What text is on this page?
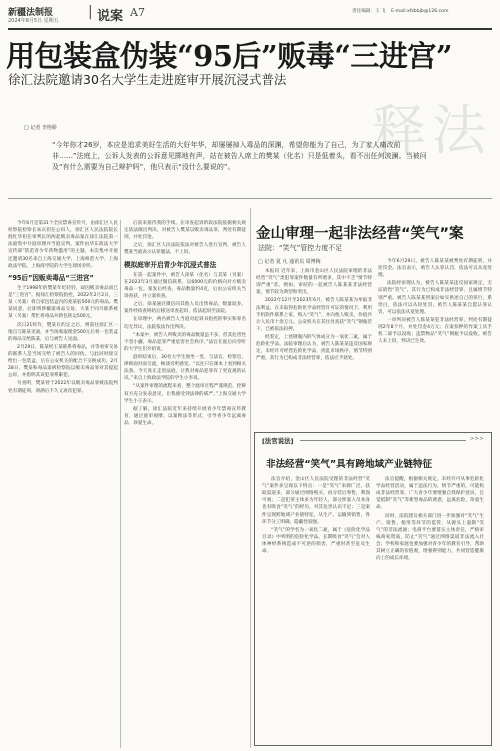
新疆法制报
2024年8月5日 星期五
| 说案 A7	责任编辑：王 飞 E-mail:xfzbbjb@126.com
用包装盒伪装“95后”贩毒“三进宫”
徐汇法院邀请30名大学生走进庭审开展沉浸式普法
释法
□ 记者 李艳娇
“今年你才26岁，本应是追求美好生活的大好年华，却屡屡掉入毒品的深渊，希望你能为了自己，为了家人痛改前非……”法庭上，公诉人发表的公诉意见掷地有声，站在被告人席上的樊某（化名）只是低着头，看不出任何波澜。当被问及“有什么需要为自己辩护吗”，他只表示“没什么要说的”。

今年6月是第31个全民禁毒宣传月，由徐汇区人民检察院检察长朱庆担任公诉人，徐汇区人民法院院长倪红华担任审判长的两起贩卖毒品案在徐汇法院第一法庭集中开庭审理并当庭宣判。案件由华东政法大学宣传部“防范青少年药物滥用”的主题，本次集中开庭还邀请30名来自上海交通大学、上海师范大学、上海政法学院、上海商学院的大学生现场旁听。

“95后”因贩卖毒品“三进宫”

生于1998年的樊某年纪轻轻，却因贩卖毒品而已是“三进宫”。据徐汇检察院指控，2022年2月2日，三某（另案）将自家包装盒内的麦某胶500元的毒品。樊某同意，后即将涉嫌案毒品交易，大某于同月联系被某（另案）帮忙将毒品并新包转运500元。

次日21时许，樊某在约定之后，则前往徐汇区一地点与陈某见面，并当场收取现金500元后将一包装盒的毒品交给陈某，后与被告人见面。

2月29日，陈某经王某联系将毒品，并等看审交易的联系人是当场交给了被告人的同伙，与此同时接交给出一包装盒，后在公安机关的配合下交换成功。2月28日，樊某和毒品案被检察院以贩卖毒品罪对其提起公诉，并指明其该犯罪系累犯。

另查明，樊某曾于2022年以贩卖毒品罪被法院判处有期徒刑，刑满后不久又再次犯罪。

后前来接待我的手续。在审查起诉阶段法院依据相关规定依法做出判决，对被告人樊某以贩卖毒品罪，判处有期徒刑，并处罚金。

之后，徐汇区人民法院依法对被告人进行宣判，被告人樊某当庭表示认罪服法，不上诉。

模拟庭审开启青少年沉浸式普法

在第一起案件中，被告人徐某（化名）与其某（另案）在2023年3月通过微信联系，以6000元的价格向对方贩卖毒品一包。案发后经查，毒品数量约4克，后由公安机关当场查获，并立案侦查。

之后，徐某通过微信向其他人员出售毒品，数量较多。案件经侦查终结后移送审查起诉，依法起诉至法院。

在审理中，两名被告人当庭对起诉书指控的事实和罪名均无异议，法院依法作出判决。

“本案中，被告人所贩卖的毒品数量虽不多，但其危害性不容小觑，毒品犯罪严重危害社会秩序。”法官在庭后向旁听的大学生们介绍说。

庭审结束后，30名大学生围坐一堂，与法官、检察官、律师面对面交流，畅谈旁听感受。“以往只在课本上看到相关法条，今天真正走进法庭，让我对毒品犯罪有了更直观的认识。”来自上海政法学院的学生小李说。

“从案件审理的流程来看，整个庭审过程严谨规范，控辩双方充分发表意见，让我感受到法律的威严。”上海交通大学学生小王表示。

据了解，徐汇法院近年来持续开展青少年禁毒宣传教育，通过庭审观摩、以案释法等形式，引导青少年远离毒品、珍爱生命。

金山审理一起非法经营“笑气”案
法院：“笑气”管控力度不足
□ 记者 夏 凡 通讯员 周博梅

本报讯 近年来，上海市金山区人民法院审理的非法经营“笑气”类犯罪案件数量有所增多，其中不乏“情节特别严重”者。例如，审结的一起被告人陈某某非法经营案，情节较为典型和突出。

2022年12月至2023年6月，被告人陈某某为牟取非法利益，在未取得危险化学品经营许可证的情况下，利用手机软件联系上家，购入“笑气”，并向他人贩卖，价值共计人民币十余万元。公安机关在其住处查获“笑气”钢瓶若干，已被依法扣押。

经鉴定，上述钢瓶内的气体成分为一氧化二氮，属于危险化学品。法院审理后认为，被告人陈某某违反国家规定，未经许可经营危险化学品，扰乱市场秩序，情节特别严重，其行为已构成非法经营罪，依法应予惩处。

今年6月29日，被告人陈某某被判处有期徒刑，并处罚金。法官表示，被告人认罪认罚，依法可以从宽处理。

法院经审理认为，被告人陈某某违反国家规定，无证销售“笑气”，其行为已构成非法经营罪，且属情节特别严重。被告人陈某某到案后如实供述自己的罪行，系坦白，依法可以从轻处罚。被告人陈某某自愿认罪认罚，可以依法从宽处理。

一审判决被告人陈某某犯非法经营罪，判处有期徒刑2年8个月，并处罚金4万元；在案扣押的作案工具手机二部予以没收；违禁物品“笑气”钢瓶予以没收。被告人未上诉，判决已生效。

[法官说法]	>>>
非法经营“笑气”具有跨地域产业链特征

法官介绍，金山区人民法院受理的非法经营“笑气”案件多呈现以下特点：一是“笑气”来源广泛、获取渠道多，部分通过网络购买，再分装后零售，利润可观；二是犯罪主体多为年轻人，部分涉案人员本身也有吸食“笑气”的经历，对其危害认识不足；三是案件呈现跨地域产业链特征，从生产、运输到销售，各环节分工明确，隐蔽性较强。

“笑气”的学名为一氧化二氮，属于《危险化学品目录》中列明的危险化学品。长期吸食“笑气”会对人体神经系统造成不可逆的损害，严重时甚至危及生命。

法官提醒，根据相关规定，未经许可从事危险化学品经营活动，属于违法行为，情节严重的，可能构成非法经营罪。广大青少年要增强自我保护意识，自觉抵制“笑气”等新型毒品的诱惑，远离危险，珍爱生命。

同时，法院建议相关部门进一步加强对“笑气”生产、销售、使用等环节的监管，从源头上遏制“笑气”的非法流通；电商平台要落实主体责任，严格审核商家资质，防止“笑气”通过网络渠道非法流入社会；学校和家庭也要加强对青少年的教育引导，帮助其树立正确的价值观，增强辨别能力，共同营造健康向上的成长环境。
